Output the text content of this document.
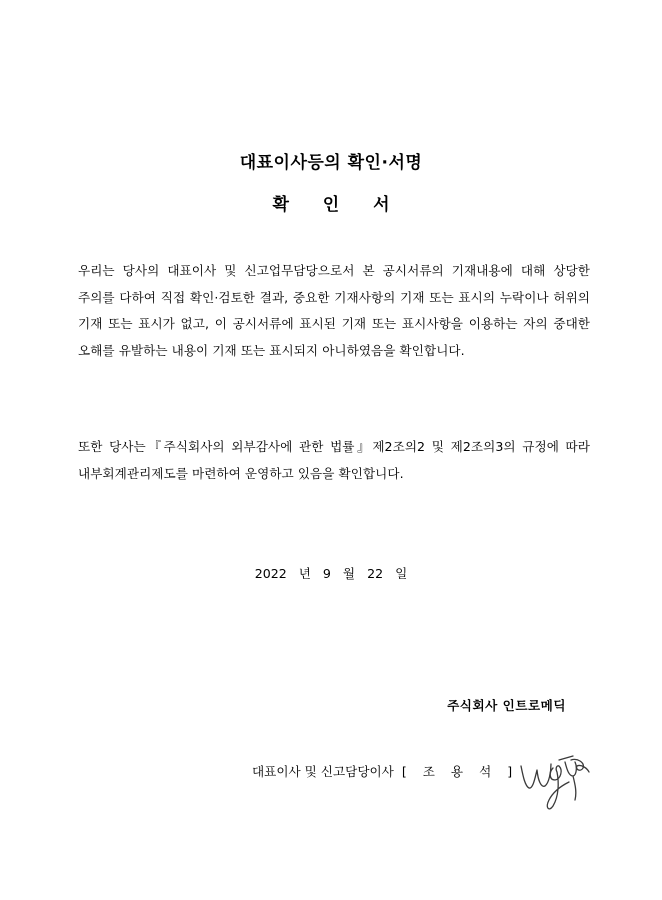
대표이사등의 확인·서명
확 인 서
우리는 당사의 대표이사 및 신고업무담당으로서 본 공시서류의 기재내용에 대해 상당한 주의를 다하여 직접 확인·검토한 결과, 중요한 기재사항의 기재 또는 표시의 누락이나 허위의 기재 또는 표시가 없고, 이 공시서류에 표시된 기재 또는 표시사항을 이용하는 자의 중대한 오해를 유발하는 내용이 기재 또는 표시되지 아니하였음을 확인합니다.
또한 당사는『주식회사의 외부감사에 관한 법률』제2조의2 및 제2조의3의 규정에 따라 내부회계관리제도를 마련하여 운영하고 있음을 확인합니다.
2022 년 9 월 22 일
주식회사 인트로메딕
대표이사 및 신고담당이사 [ 조 용 석 ]
